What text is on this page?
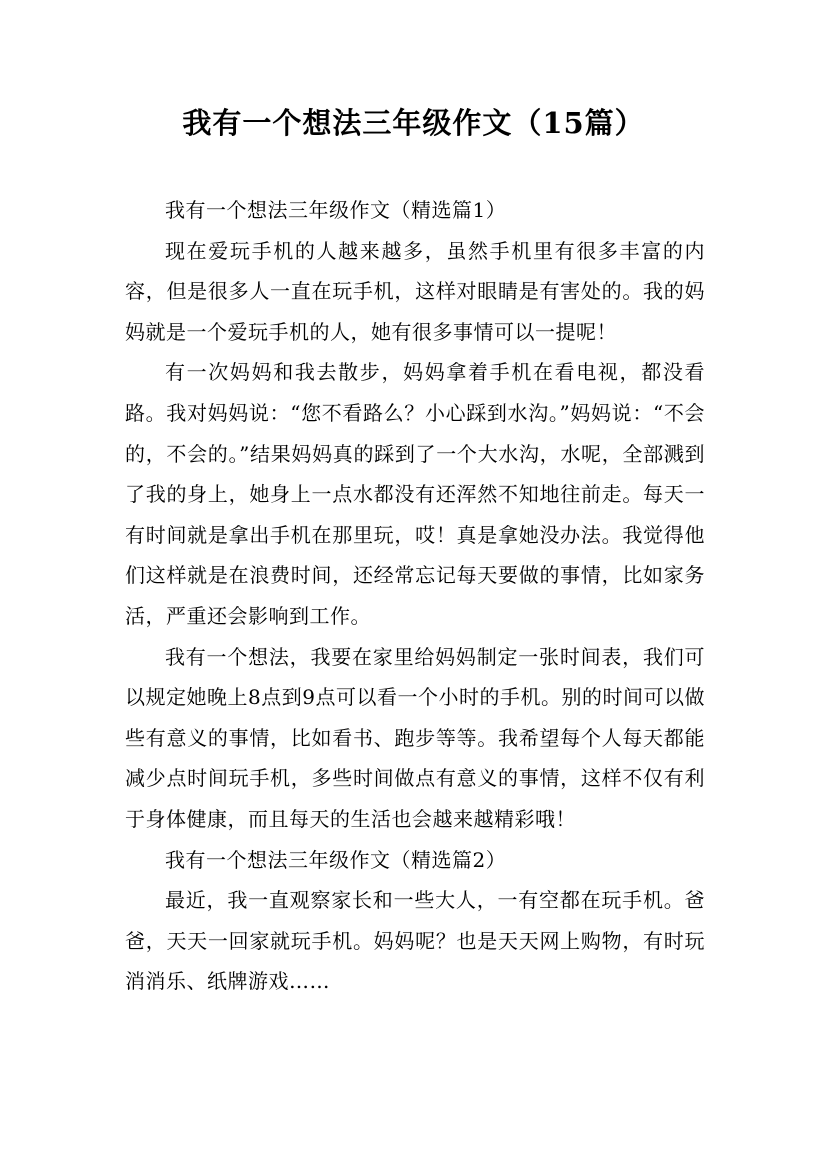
我有一个想法三年级作文（15篇）

我有一个想法三年级作文（精选篇1）

现在爱玩手机的人越来越多，虽然手机里有很多丰富的内容，但是很多人一直在玩手机，这样对眼睛是有害处的。我的妈妈就是一个爱玩手机的人，她有很多事情可以一提呢！

有一次妈妈和我去散步，妈妈拿着手机在看电视，都没看路。我对妈妈说：“您不看路么？小心踩到水沟。”妈妈说：“不会的，不会的。”结果妈妈真的踩到了一个大水沟，水呢，全部溅到了我的身上，她身上一点水都没有还浑然不知地往前走。每天一有时间就是拿出手机在那里玩，哎！真是拿她没办法。我觉得他们这样就是在浪费时间，还经常忘记每天要做的事情，比如家务活，严重还会影响到工作。

我有一个想法，我要在家里给妈妈制定一张时间表，我们可以规定她晚上8点到9点可以看一个小时的手机。别的时间可以做些有意义的事情，比如看书、跑步等等。我希望每个人每天都能减少点时间玩手机，多些时间做点有意义的事情，这样不仅有利于身体健康，而且每天的生活也会越来越精彩哦！

我有一个想法三年级作文（精选篇2）

最近，我一直观察家长和一些大人，一有空都在玩手机。爸爸，天天一回家就玩手机。妈妈呢？也是天天网上购物，有时玩消消乐、纸牌游戏……
